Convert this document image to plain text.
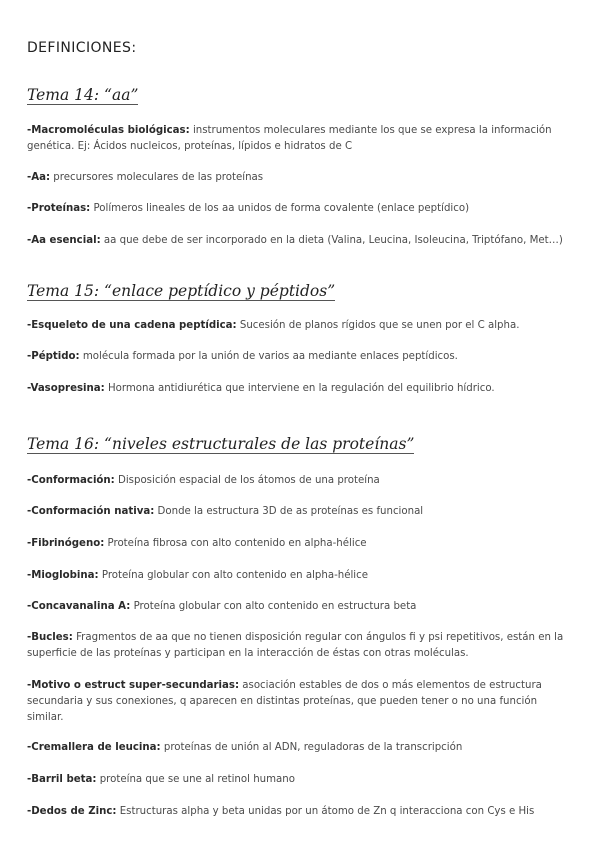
DEFINICIONES:
Tema 14: “aa”
-Macromoléculas biológicas: instrumentos moleculares mediante los que se expresa la información genética. Ej: Ácidos nucleicos, proteínas, lípidos e hidratos de C
-Aa: precursores moleculares de las proteínas
-Proteínas: Polímeros lineales de los aa unidos de forma covalente (enlace peptídico)
-Aa esencial: aa que debe de ser incorporado en la dieta (Valina, Leucina, Isoleucina, Triptófano, Met…)
Tema 15: “enlace peptídico y péptidos”
-Esqueleto de una cadena peptídica: Sucesión de planos rígidos que se unen por el C alpha.
-Péptido: molécula formada por la unión de varios aa mediante enlaces peptídicos.
-Vasopresina: Hormona antidiurética que interviene en la regulación del equilibrio hídrico.
Tema 16: “niveles estructurales de las proteínas”
-Conformación: Disposición espacial de los átomos de una proteína
-Conformación nativa: Donde la estructura 3D de as proteínas es funcional
-Fibrinógeno: Proteína fibrosa con alto contenido en alpha-hélice
-Mioglobina: Proteína globular con alto contenido en alpha-hélice
-Concavanalina A: Proteína globular con alto contenido en estructura beta
-Bucles: Fragmentos de aa que no tienen disposición regular con ángulos fi y psi repetitivos, están en la superficie de las proteínas y participan en la interacción de éstas con otras moléculas.
-Motivo o estruct super-secundarias: asociación estables de dos o más elementos de estructura secundaria y sus conexiones, q aparecen en distintas proteínas, que pueden tener o no una función similar.
-Cremallera de leucina: proteínas de unión al ADN, reguladoras de la transcripción
-Barril beta: proteína que se une al retinol humano
-Dedos de Zinc: Estructuras alpha y beta unidas por un átomo de Zn q interacciona con Cys e His
